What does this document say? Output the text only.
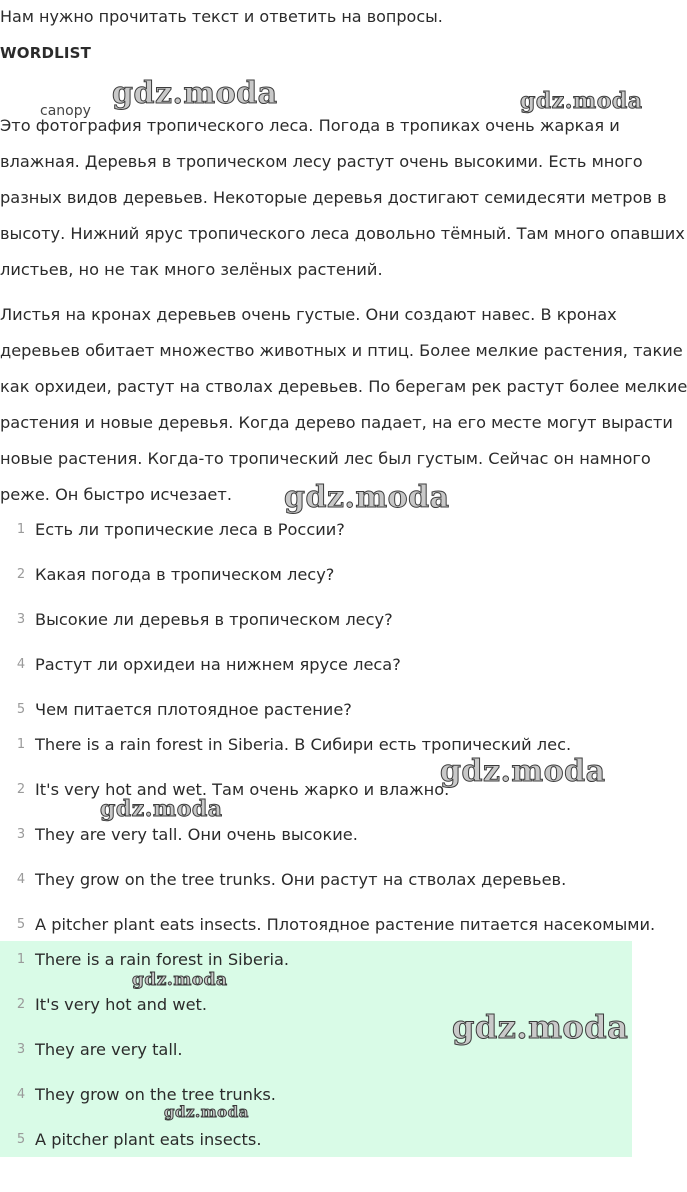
Нам нужно прочитать текст и ответить на вопросы.
WORDLIST
canopy

Это фотография тропического леса. Погода в тропиках очень жаркая и
влажная. Деревья в тропическом лесу растут очень высокими. Есть много
разных видов деревьев. Некоторые деревья достигают семидесяти метров в
высоту. Нижний ярус тропического леса довольно тёмный. Там много опавших
листьев, но не так много зелёных растений.

Листья на кронах деревьев очень густые. Они создают навес. В кронах
деревьев обитает множество животных и птиц. Более мелкие растения, такие
как орхидеи, растут на стволах деревьев. По берегам рек растут более мелкие
растения и новые деревья. Когда дерево падает, на его месте могут вырасти
новые растения. Когда-то тропический лес был густым. Сейчас он намного
реже. Он быстро исчезает.

1 Есть ли тропические леса в России?
2 Какая погода в тропическом лесу?
3 Высокие ли деревья в тропическом лесу?
4 Растут ли орхидеи на нижнем ярусе леса?
5 Чем питается плотоядное растение?
1 There is a rain forest in Siberia. В Сибири есть тропический лес.
2 It's very hot and wet. Там очень жарко и влажно.
3 They are very tall. Они очень высокие.
4 They grow on the tree trunks. Они растут на стволах деревьев.
5 A pitcher plant eats insects. Плотоядное растение питается насекомыми.
1 There is a rain forest in Siberia.
2 It's very hot and wet.
3 They are very tall.
4 They grow on the tree trunks.
5 A pitcher plant eats insects.
gdz.moda	gdz.moda
gdz.moda
gdz.moda
gdz.moda
gdz.moda
gdz.moda
gdz.moda
